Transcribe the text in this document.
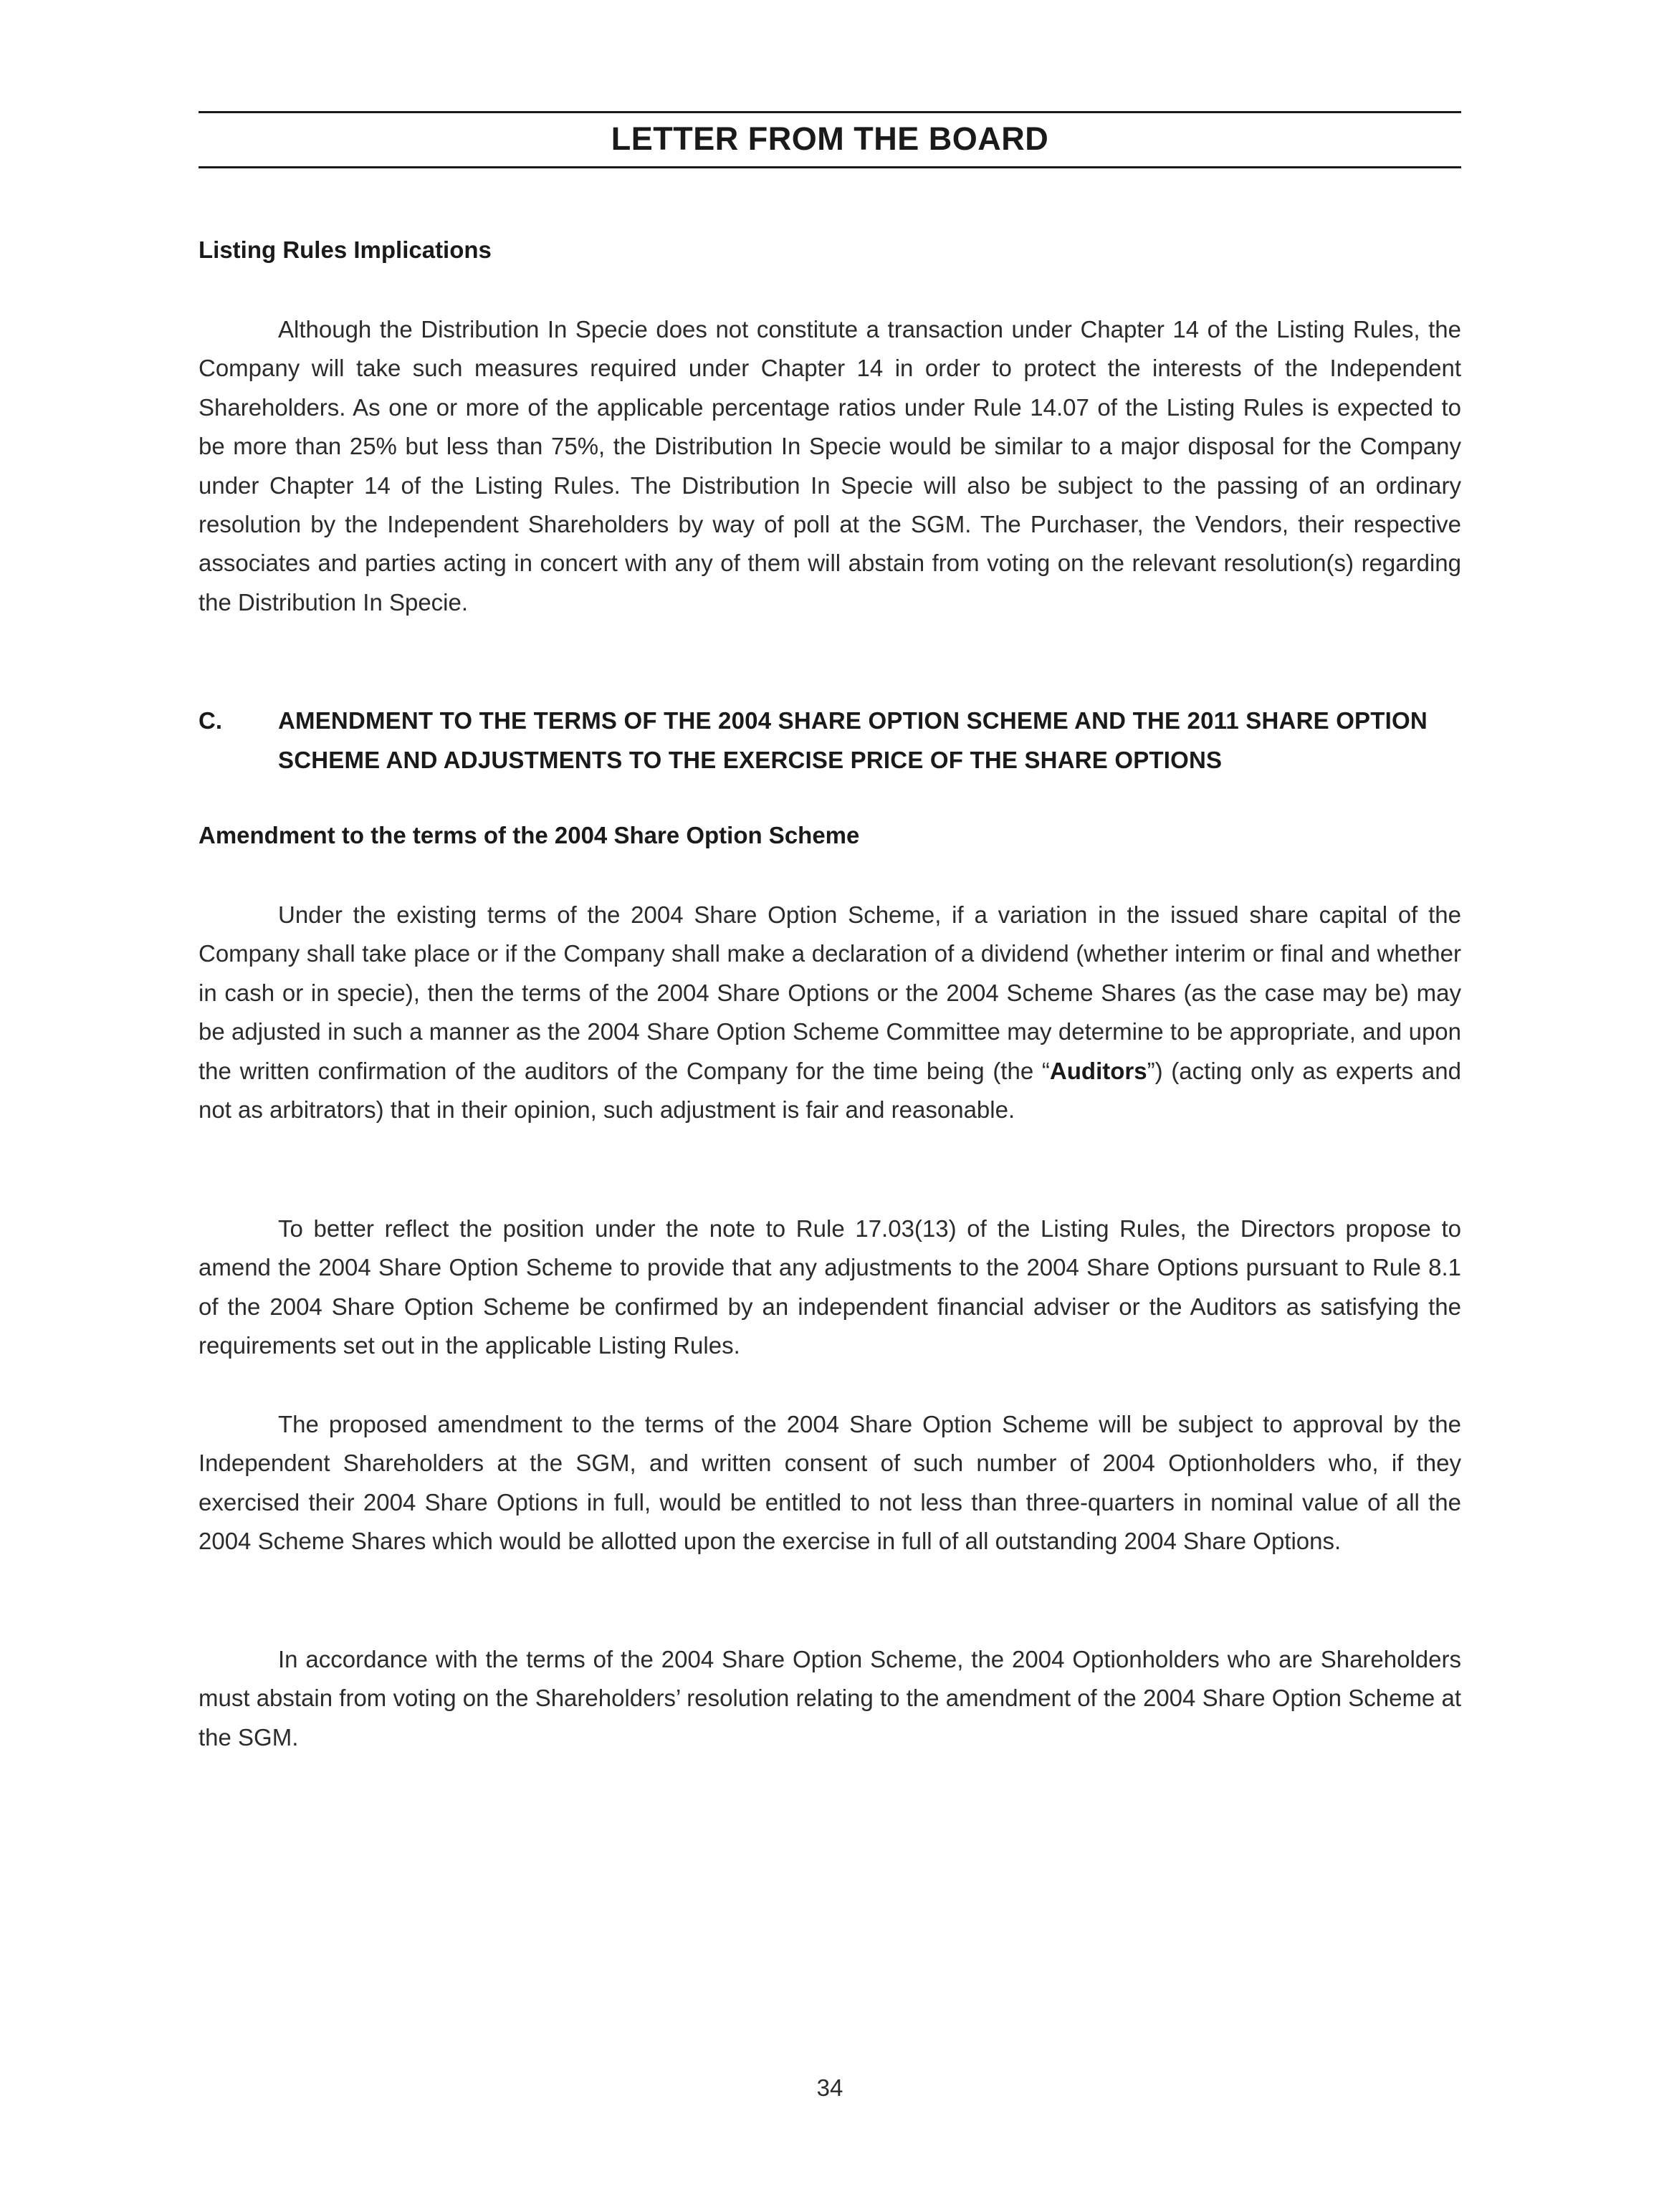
LETTER FROM THE BOARD
Listing Rules Implications

Although the Distribution In Specie does not constitute a transaction under Chapter 14 of the Listing Rules, the Company will take such measures required under Chapter 14 in order to protect the interests of the Independent Shareholders. As one or more of the applicable percentage ratios under Rule 14.07 of the Listing Rules is expected to be more than 25% but less than 75%, the Distribution In Specie would be similar to a major disposal for the Company under Chapter 14 of the Listing Rules. The Distribution In Specie will also be subject to the passing of an ordinary resolution by the Independent Shareholders by way of poll at the SGM. The Purchaser, the Vendors, their respective associates and parties acting in concert with any of them will abstain from voting on the relevant resolution(s) regarding the Distribution In Specie.

C. AMENDMENT TO THE TERMS OF THE 2004 SHARE OPTION SCHEME AND THE 2011 SHARE OPTION SCHEME AND ADJUSTMENTS TO THE EXERCISE PRICE OF THE SHARE OPTIONS
Amendment to the terms of the 2004 Share Option Scheme

Under the existing terms of the 2004 Share Option Scheme, if a variation in the issued share capital of the Company shall take place or if the Company shall make a declaration of a dividend (whether interim or final and whether in cash or in specie), then the terms of the 2004 Share Options or the 2004 Scheme Shares (as the case may be) may be adjusted in such a manner as the 2004 Share Option Scheme Committee may determine to be appropriate, and upon the written confirmation of the auditors of the Company for the time being (the “Auditors”) (acting only as experts and not as arbitrators) that in their opinion, such adjustment is fair and reasonable.

To better reflect the position under the note to Rule 17.03(13) of the Listing Rules, the Directors propose to amend the 2004 Share Option Scheme to provide that any adjustments to the 2004 Share Options pursuant to Rule 8.1 of the 2004 Share Option Scheme be confirmed by an independent financial adviser or the Auditors as satisfying the requirements set out in the applicable Listing Rules.

The proposed amendment to the terms of the 2004 Share Option Scheme will be subject to approval by the Independent Shareholders at the SGM, and written consent of such number of 2004 Optionholders who, if they exercised their 2004 Share Options in full, would be entitled to not less than three-quarters in nominal value of all the 2004 Scheme Shares which would be allotted upon the exercise in full of all outstanding 2004 Share Options.

In accordance with the terms of the 2004 Share Option Scheme, the 2004 Optionholders who are Shareholders must abstain from voting on the Shareholders’ resolution relating to the amendment of the 2004 Share Option Scheme at the SGM.

34
